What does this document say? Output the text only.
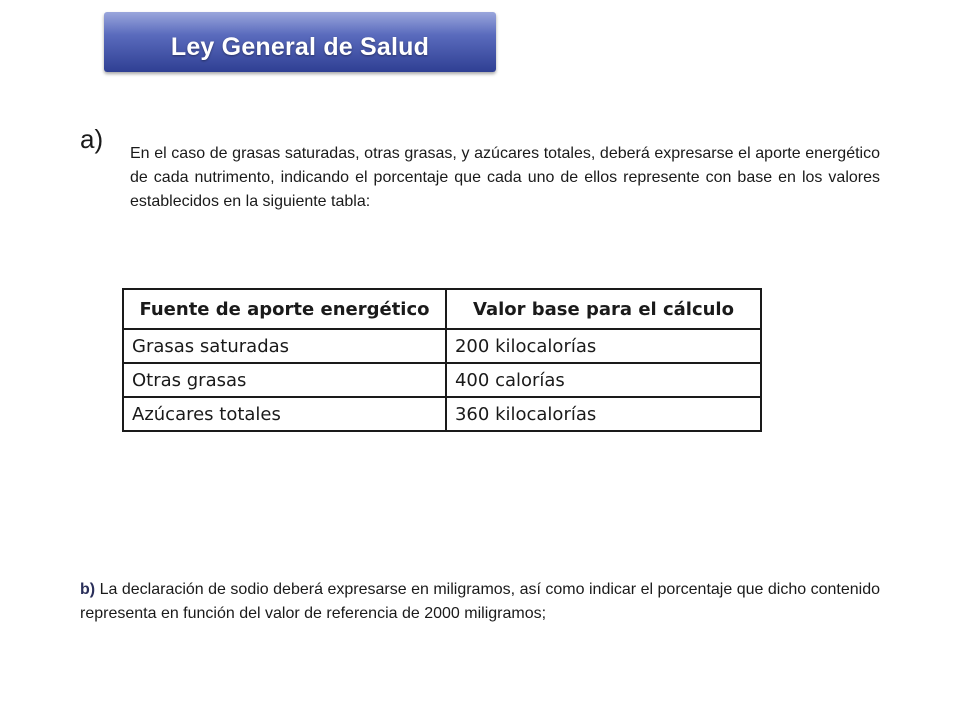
Ley General de Salud
a) En el caso de grasas saturadas, otras grasas, y azúcares totales, deberá expresarse el aporte energético de cada nutrimento, indicando el porcentaje que cada uno de ellos represente con base en los valores establecidos en la siguiente tabla:
Fuente de aporte energético	Valor base para el cálculo
Grasas saturadas	200 kilocalorías
Otras grasas	400 calorías
Azúcares totales	360 kilocalorías
b) La declaración de sodio deberá expresarse en miligramos, así como indicar el porcentaje que dicho contenido representa en función del valor de referencia de 2000 miligramos;
